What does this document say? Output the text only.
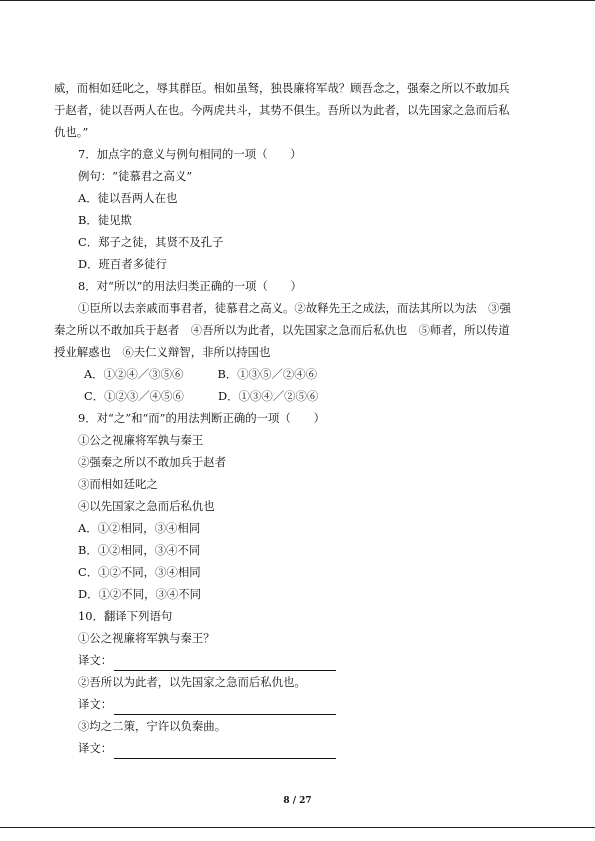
威，而相如廷叱之，辱其群臣。相如虽驽，独畏廉将军哉？顾吾念之，强秦之所以不敢加兵

于赵者，徒以吾两人在也。今两虎共斗，其势不俱生。吾所以为此者，以先国家之急而后私

仇也。”

7．加点字的意义与例句相同的一项（　　）

例句：“徒慕君之高义”

A．徒以吾两人在也

B．徒见欺

C．郑子之徒，其贤不及孔子

D．班百者多徒行

8．对“所以”的用法归类正确的一项（　　）

①臣所以去亲戚而事君者，徒慕君之高义。②故释先王之成法，而法其所以为法　③强

秦之所以不敢加兵于赵者　④吾所以为此者，以先国家之急而后私仇也　⑤师者，所以传道

授业解惑也　⑥夫仁义辩智，非所以持国也

A．①②④／③⑤⑥　　　B．①③⑤／②④⑥

C．①②③／④⑤⑥　　　D．①③④／②⑤⑥

9．对“之”和“而”的用法判断正确的一项（　　）

①公之视廉将军孰与秦王

②强秦之所以不敢加兵于赵者

③而相如廷叱之

④以先国家之急而后私仇也

A．①②相同，③④相同

B．①②相同，③④不同

C．①②不同，③④相同

D．①②不同，③④不同

10．翻译下列语句

①公之视廉将军孰与秦王？

译文：

②吾所以为此者，以先国家之急而后私仇也。

译文：

③均之二策，宁许以负秦曲。

译文：

8 / 27
